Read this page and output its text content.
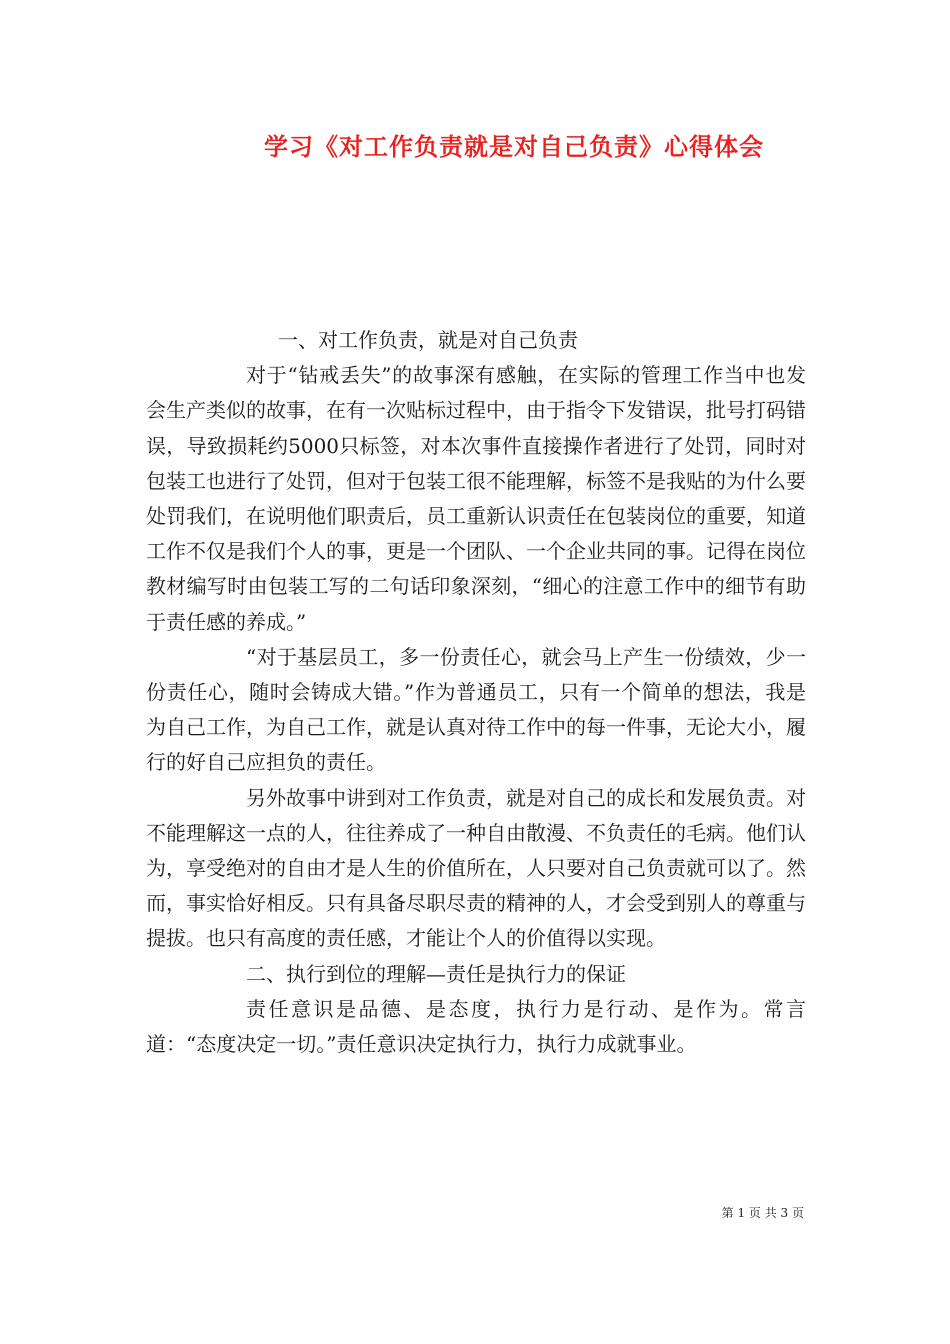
学习《对工作负责就是对自己负责》心得体会

一、对工作负责，就是对自己负责

对于“钻戒丢失”的故事深有感触，在实际的管理工作当中也发会生产类似的故事，在有一次贴标过程中，由于指令下发错误，批号打码错误，导致损耗约5000只标签，对本次事件直接操作者进行了处罚，同时对包装工也进行了处罚，但对于包装工很不能理解，标签不是我贴的为什么要处罚我们，在说明他们职责后，员工重新认识责任在包装岗位的重要，知道工作不仅是我们个人的事，更是一个团队、一个企业共同的事。记得在岗位教材编写时由包装工写的二句话印象深刻，“细心的注意工作中的细节有助于责任感的养成。”

“对于基层员工，多一份责任心，就会马上产生一份绩效，少一份责任心，随时会铸成大错。”作为普通员工，只有一个简单的想法，我是为自己工作，为自己工作，就是认真对待工作中的每一件事，无论大小，履行的好自己应担负的责任。

另外故事中讲到对工作负责，就是对自己的成长和发展负责。对不能理解这一点的人，往往养成了一种自由散漫、不负责任的毛病。他们认为，享受绝对的自由才是人生的价值所在，人只要对自己负责就可以了。然而，事实恰好相反。只有具备尽职尽责的精神的人，才会受到别人的尊重与提拔。也只有高度的责任感，才能让个人的价值得以实现。

二、执行到位的理解—责任是执行力的保证

责任意识是品德、是态度，执行力是行动、是作为。常言道：“态度决定一切。”责任意识决定执行力，执行力成就事业。

第 1 页 共 3 页
